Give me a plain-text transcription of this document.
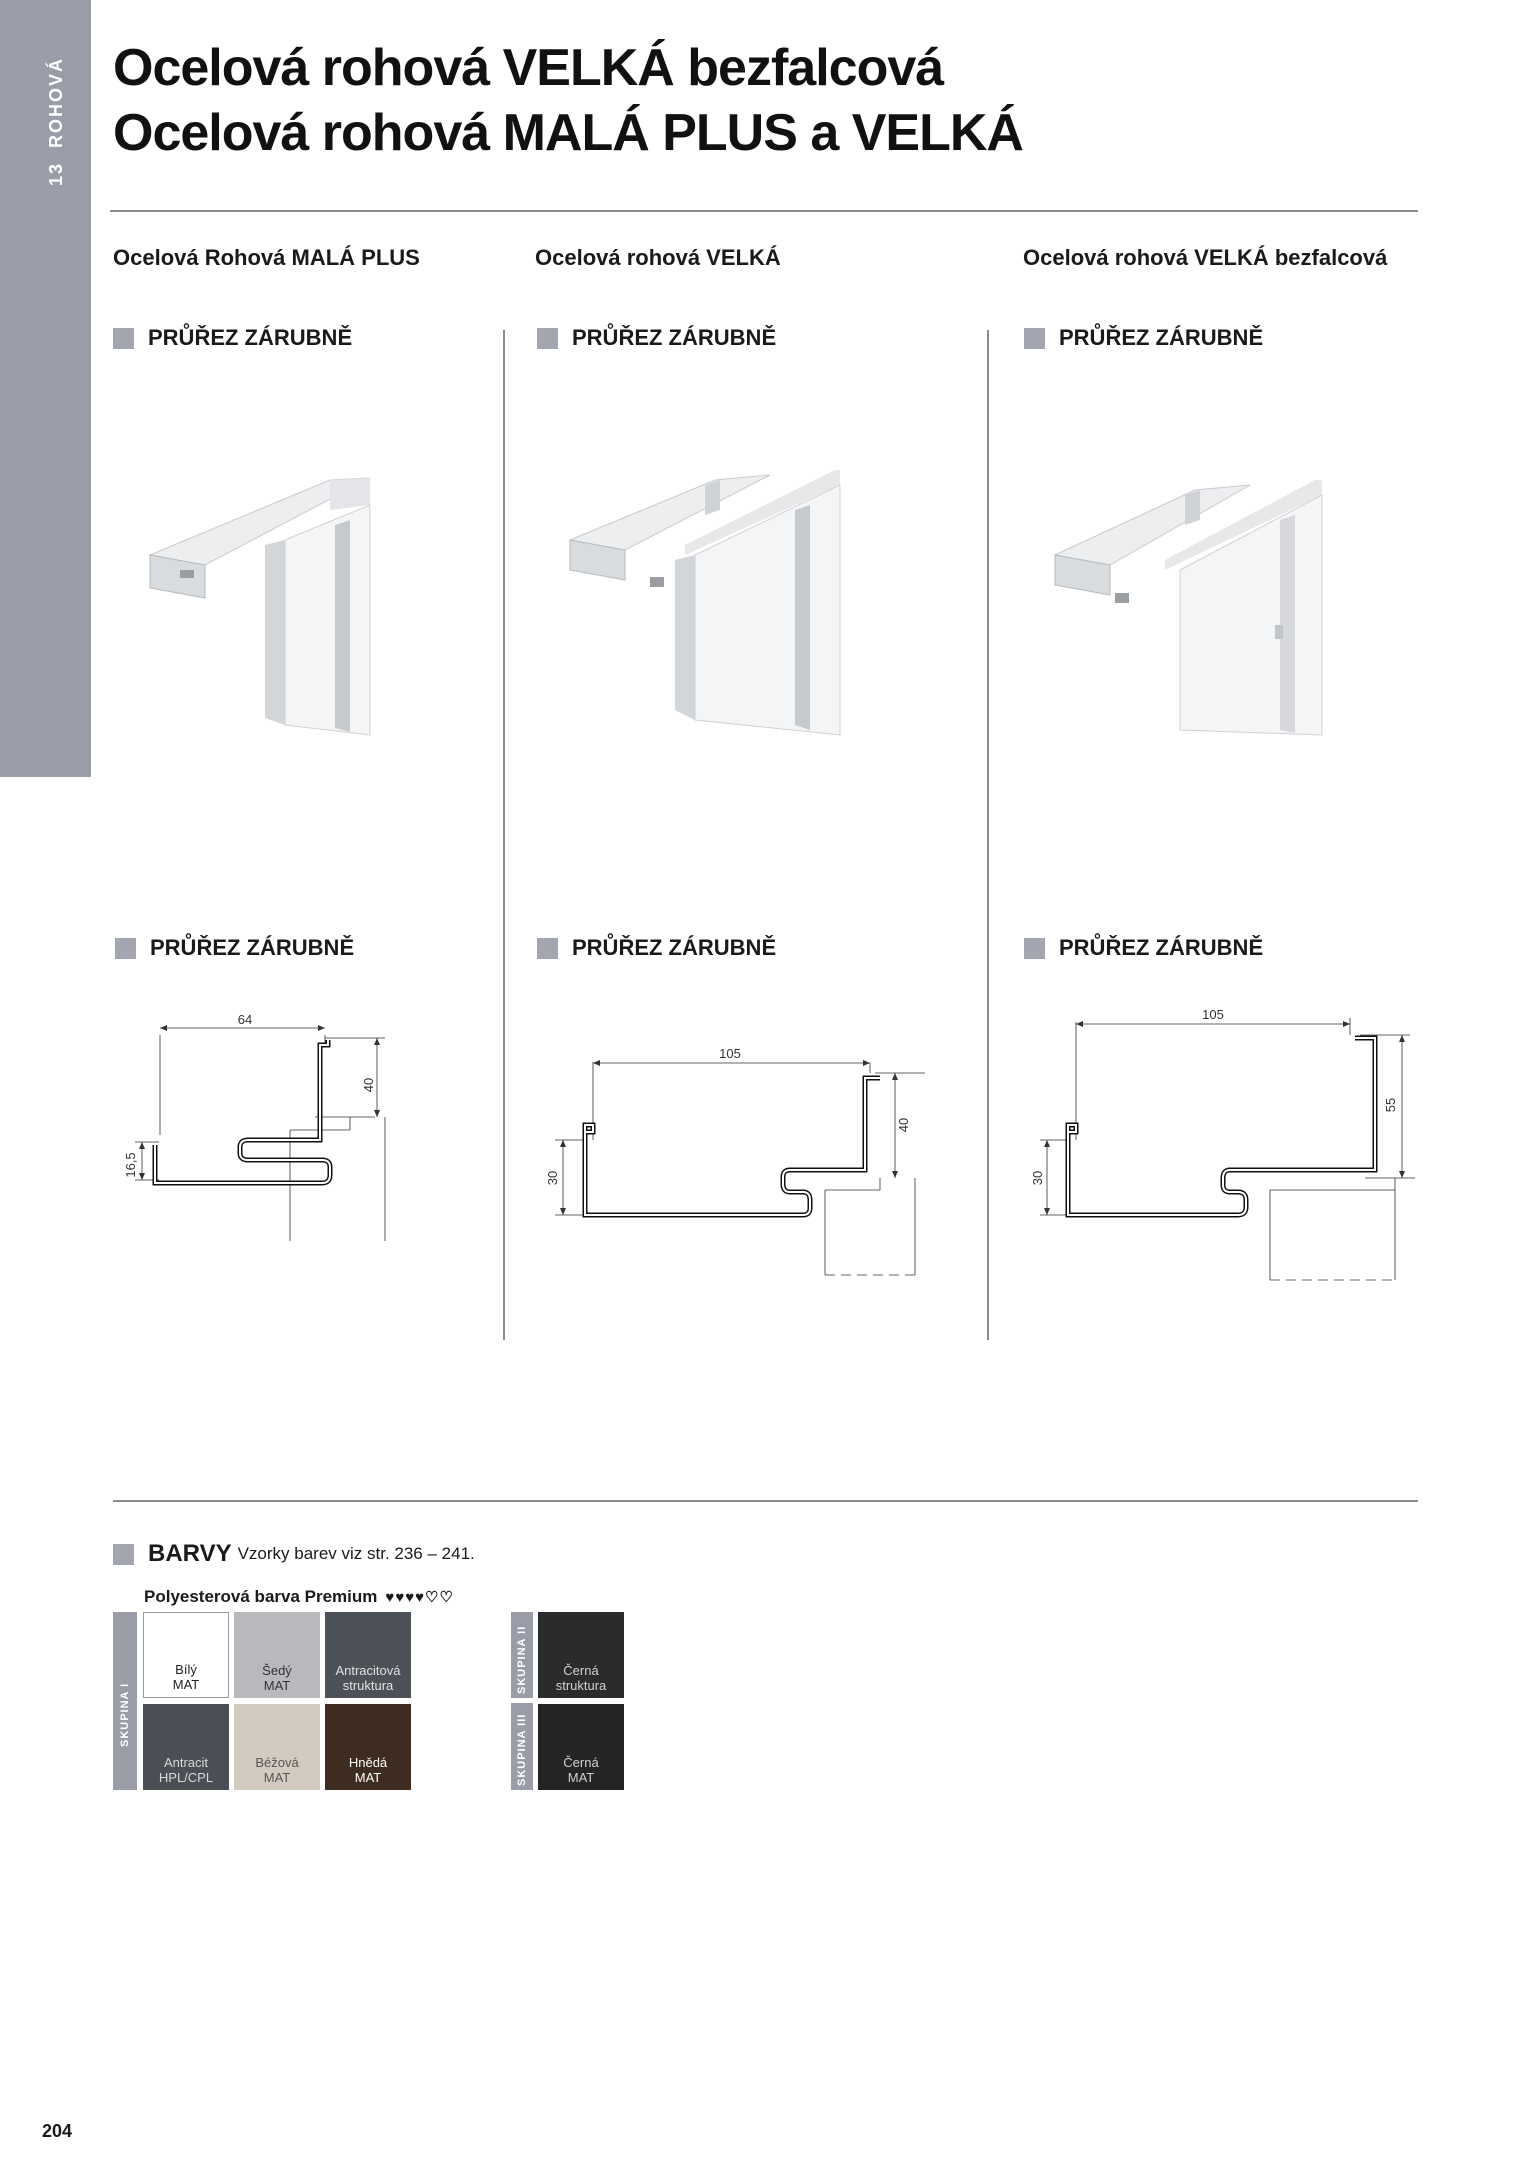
13ROHOVÁ Ocelová rohová VELKÁ bezfalcová
Ocelová rohová MALÁ PLUS a VELKÁ
Ocelová Rohová MALÁ PLUS	Ocelová rohová VELKÁ	Ocelová rohová VELKÁ bezfalcová
PRŮŘEZ ZÁRUBNĚ	PRŮŘEZ ZÁRUBNĚ	PRŮŘEZ ZÁRUBNĚ
PRŮŘEZ ZÁRUBNĚ	PRŮŘEZ ZÁRUBNĚ	PRŮŘEZ ZÁRUBNĚ
64
40
16,5
105
40
30
105
55
30
BARVY Vzorky barev viz str. 236 – 241.
Polyesterová barva Premium ♥♥♥♥♡♡
SKUPINA I
SKUPINA II
SKUPINA III
Bílý
MAT
Šedý
MAT
Antracitová
struktura
Antracit
HPL/CPL
Béžová
MAT
Hnědá
MAT
Černá
struktura
Černá
MAT
204
